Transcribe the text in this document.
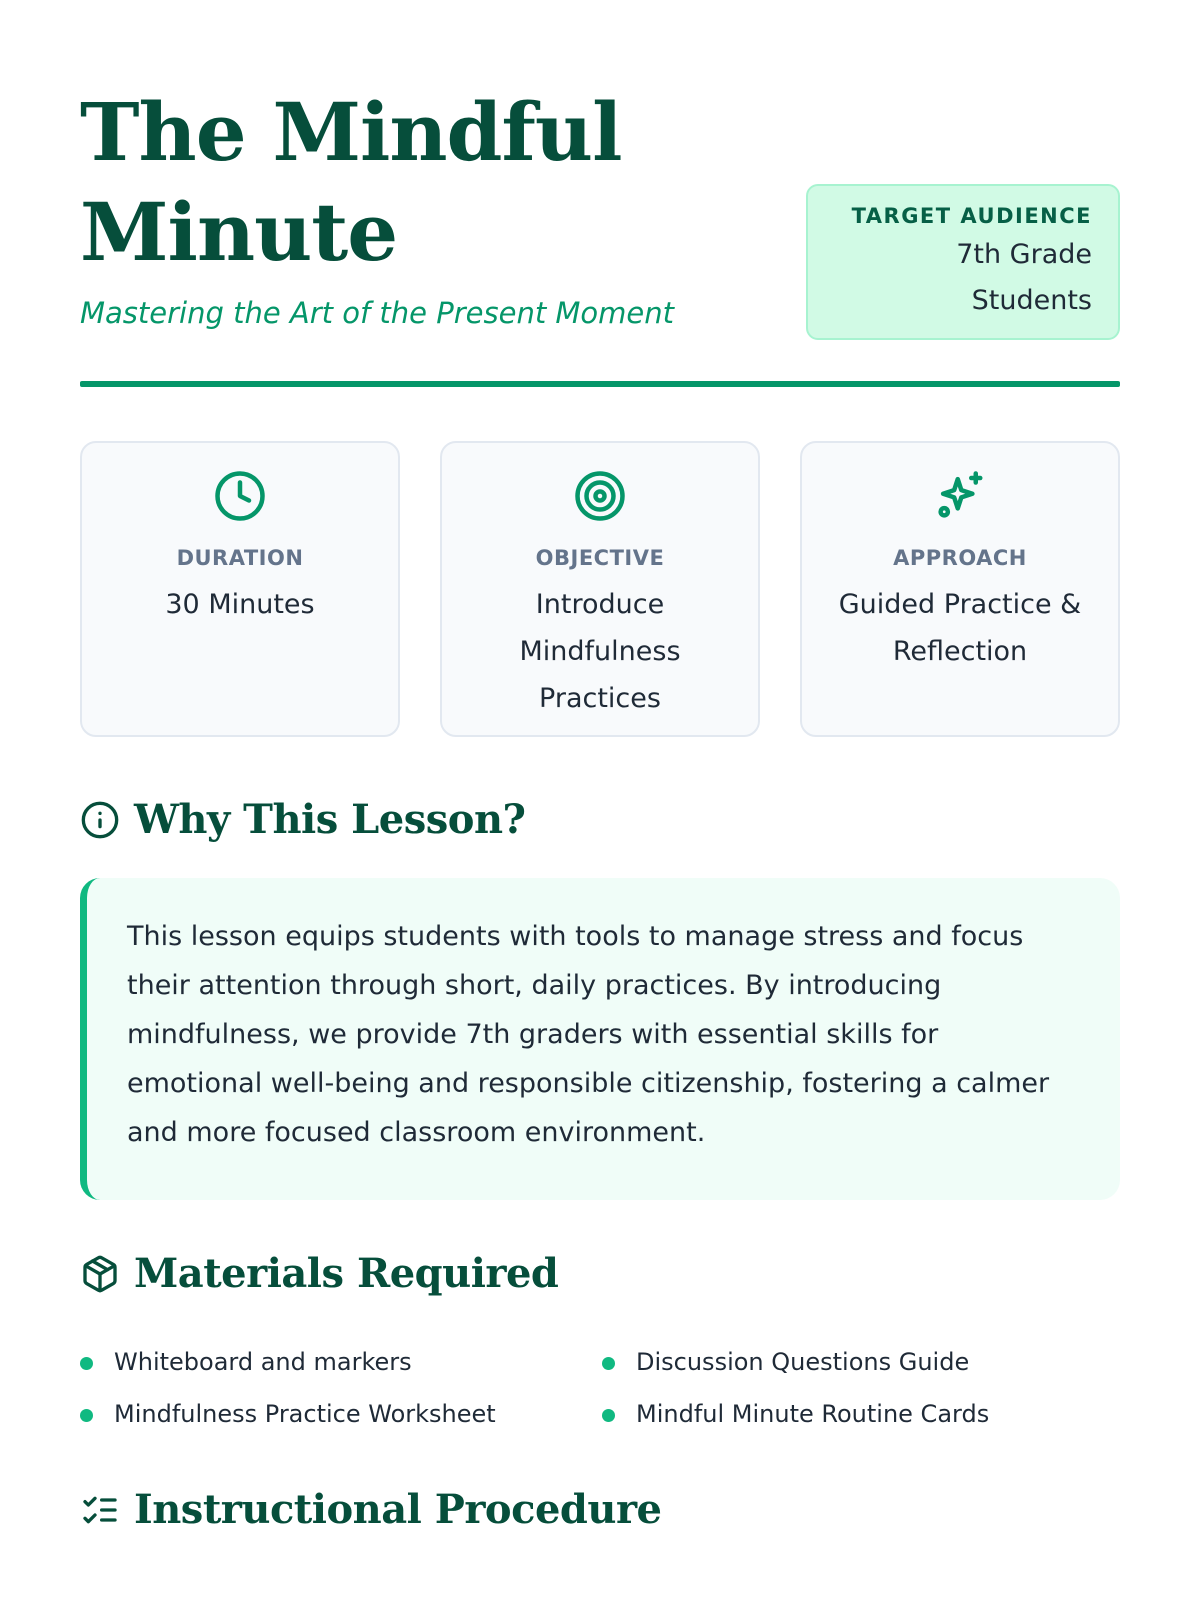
The Mindful Minute
Mastering the Art of the Present Moment
TARGET AUDIENCE
7th Grade Students
DURATION
30 Minutes
OBJECTIVE
Introduce Mindfulness Practices
APPROACH
Guided Practice & Reflection
Why This Lesson?

This lesson equips students with tools to manage stress and focus their attention through short, daily practices. By introducing mindfulness, we provide 7th graders with essential skills for emotional well-being and responsible citizenship, fostering a calmer and more focused classroom environment.

Materials Required
Whiteboard and markers	Discussion Questions Guide
Mindfulness Practice Worksheet	Mindful Minute Routine Cards
Instructional Procedure
